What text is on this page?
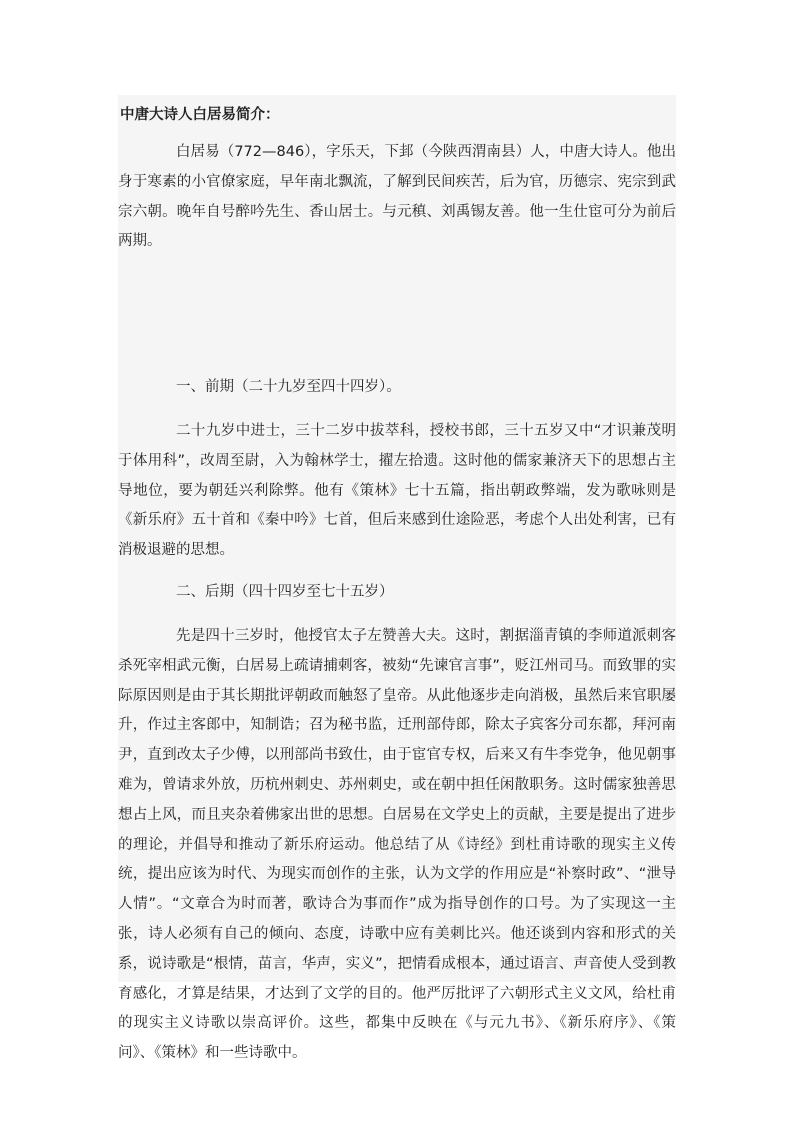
中唐大诗人白居易简介：

白居易（772—846），字乐天，下邽（今陕西渭南县）人，中唐大诗人。他出身于寒素的小官僚家庭，早年南北飘流，了解到民间疾苦，后为官，历德宗、宪宗到武宗六朝。晚年自号醉吟先生、香山居士。与元稹、刘禹锡友善。他一生仕宦可分为前后两期。

一、前期（二十九岁至四十四岁）。

二十九岁中进士，三十二岁中拔萃科，授校书郎，三十五岁又中“才识兼茂明于体用科”，改周至尉，入为翰林学士，擢左拾遗。这时他的儒家兼济天下的思想占主导地位，要为朝廷兴利除弊。他有《策林》七十五篇，指出朝政弊端，发为歌咏则是《新乐府》五十首和《秦中吟》七首，但后来感到仕途险恶，考虑个人出处利害，已有消极退避的思想。

二、后期（四十四岁至七十五岁）

先是四十三岁时，他授官太子左赞善大夫。这时，割据淄青镇的李师道派刺客杀死宰相武元衡，白居易上疏请捕刺客，被劾“先谏官言事”，贬江州司马。而致罪的实际原因则是由于其长期批评朝政而触怒了皇帝。从此他逐步走向消极，虽然后来官职屡升，作过主客郎中，知制诰；召为秘书监，迁刑部侍郎，除太子宾客分司东都，拜河南尹，直到改太子少傅，以刑部尚书致仕，由于宦官专权，后来又有牛李党争，他见朝事难为，曾请求外放，历杭州刺史、苏州刺史，或在朝中担任闲散职务。这时儒家独善思想占上风，而且夹杂着佛家出世的思想。白居易在文学史上的贡献，主要是提出了进步的理论，并倡导和推动了新乐府运动。他总结了从《诗经》到杜甫诗歌的现实主义传统，提出应该为时代、为现实而创作的主张，认为文学的作用应是“补察时政”、“泄导人情”。“文章合为时而著，歌诗合为事而作”成为指导创作的口号。为了实现这一主张，诗人必须有自己的倾向、态度，诗歌中应有美刺比兴。他还谈到内容和形式的关系，说诗歌是“根情，苗言，华声，实义”，把情看成根本，通过语言、声音使人受到教育感化，才算是结果，才达到了文学的目的。他严厉批评了六朝形式主义文风，给杜甫的现实主义诗歌以崇高评价。这些，都集中反映在《与元九书》、《新乐府序》、《策问》、《策林》和一些诗歌中。
